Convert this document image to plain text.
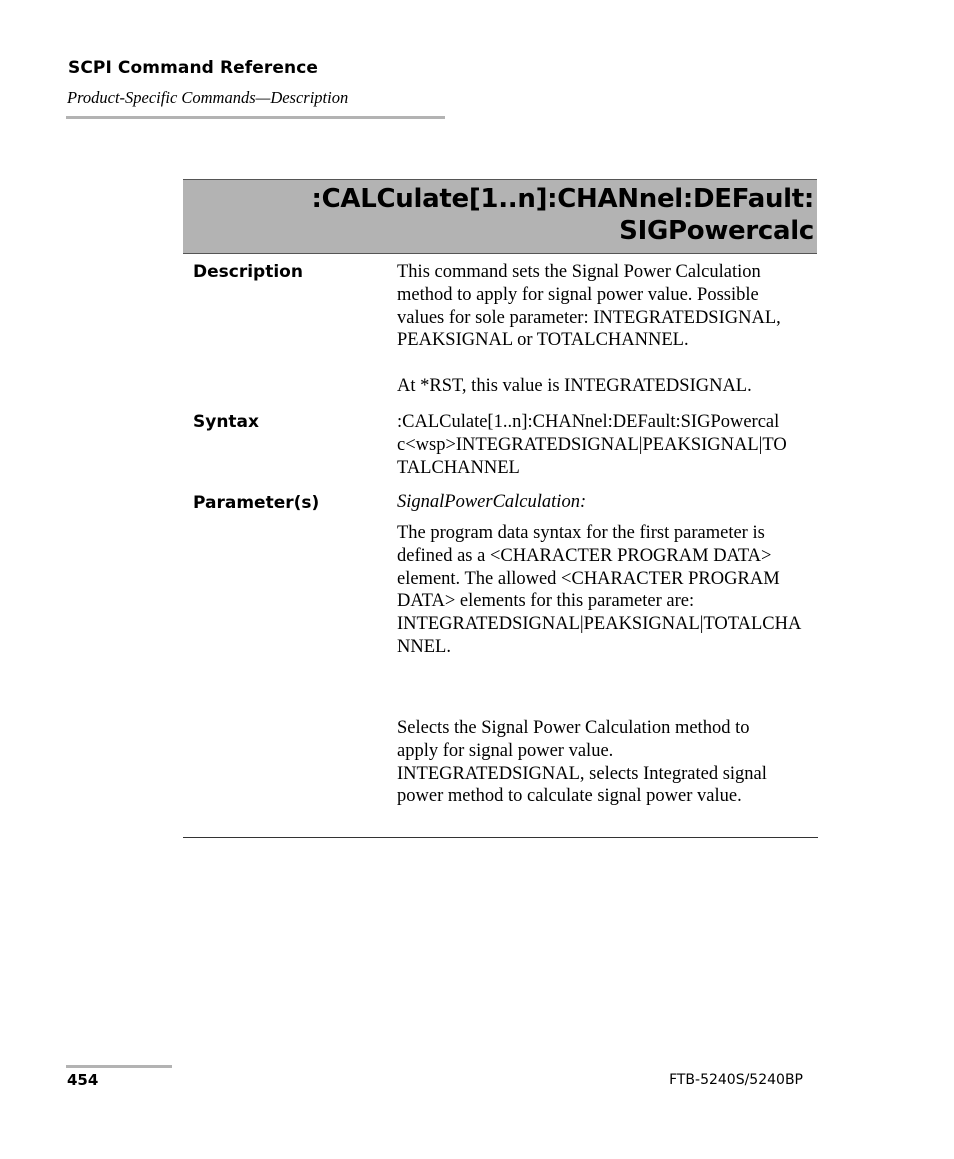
SCPI Command Reference
Product-Specific Commands—Description
:CALCulate[1..n]:CHANnel:DEFault:
SIGPowercalc
Description	This command sets the Signal Power Calculation
method to apply for signal power value. Possible
values for sole parameter: INTEGRATEDSIGNAL,
PEAKSIGNAL or TOTALCHANNEL.

At *RST, this value is INTEGRATEDSIGNAL.

Syntax	:CALCulate[1..n]:CHANnel:DEFault:SIGPowercal
c<wsp>INTEGRATEDSIGNAL|PEAKSIGNAL|TO
TALCHANNEL

Parameter(s)	SignalPowerCalculation:

The program data syntax for the first parameter is
defined as a <CHARACTER PROGRAM DATA>
element. The allowed <CHARACTER PROGRAM
DATA> elements for this parameter are:
INTEGRATEDSIGNAL|PEAKSIGNAL|TOTALCHA
NNEL.

Selects the Signal Power Calculation method to
apply for signal power value.
INTEGRATEDSIGNAL, selects Integrated signal
power method to calculate signal power value.

454	FTB-5240S/5240BP
